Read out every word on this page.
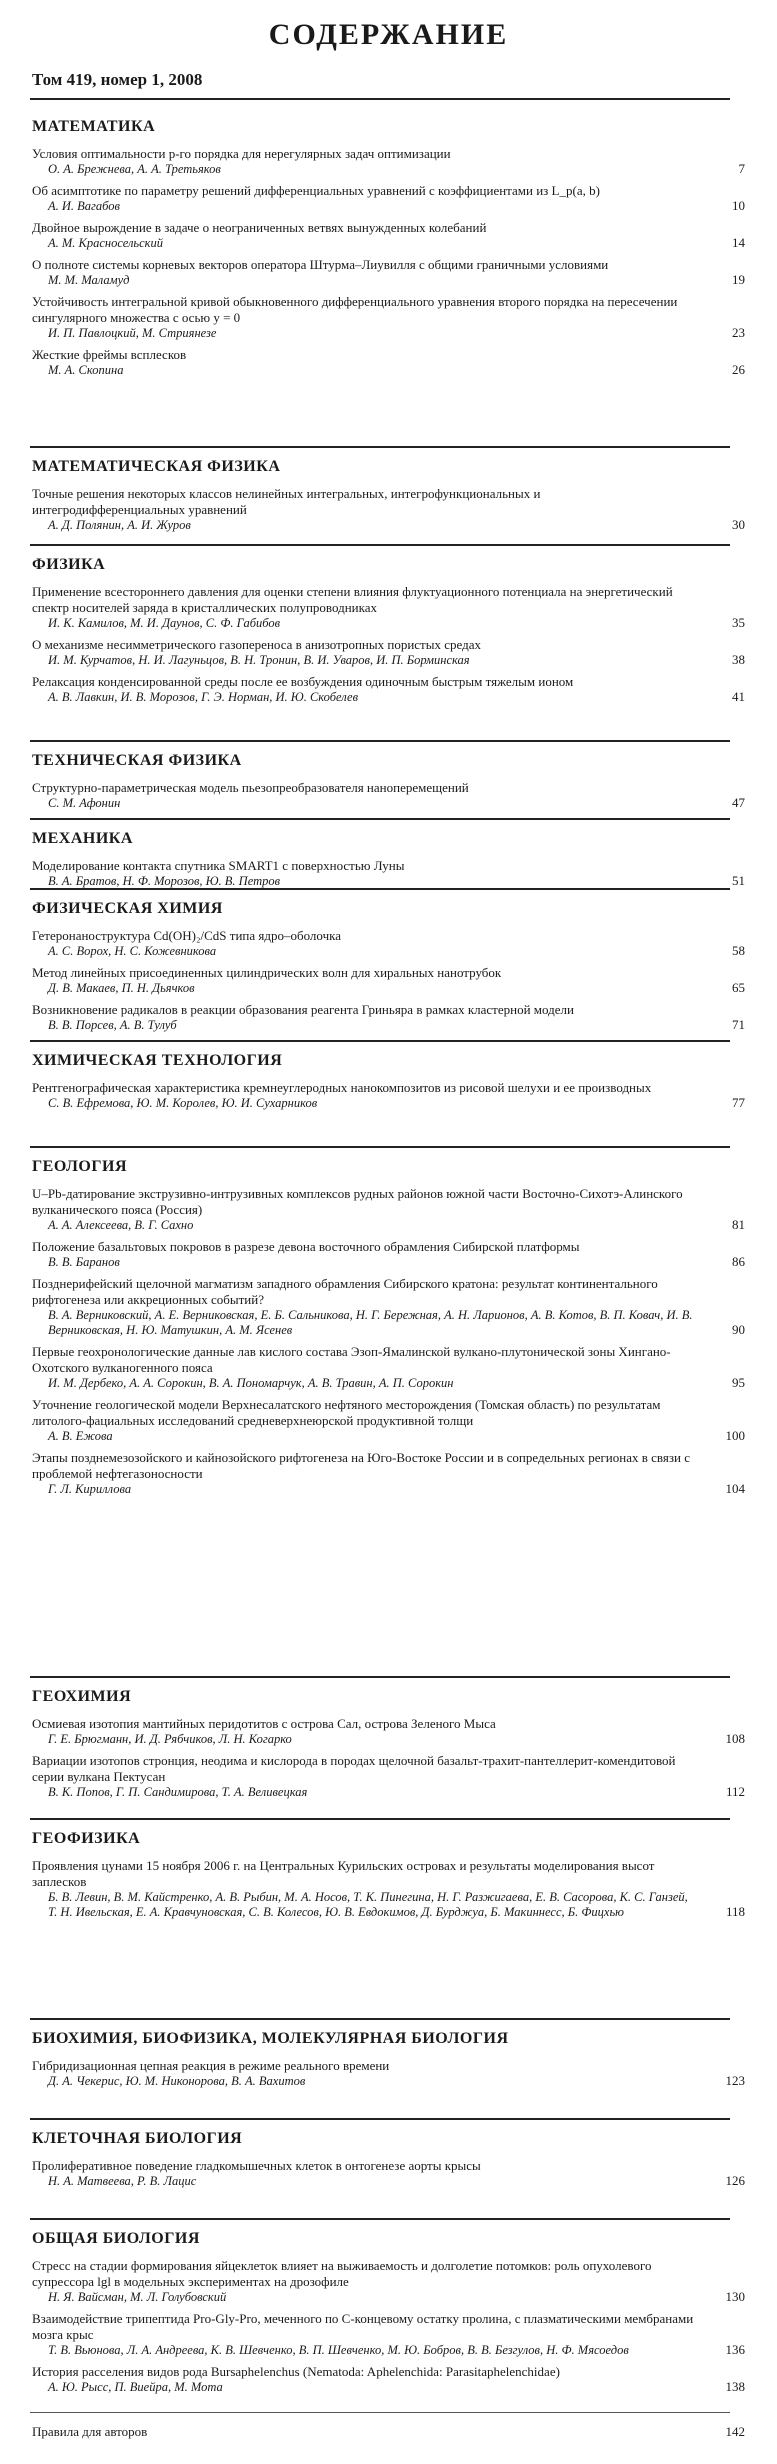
СОДЕРЖАНИЕ
Том 419, номер 1, 2008
МАТЕМАТИКА
Условия оптимальности p-го порядка для нерегулярных задач оптимизации
О. А. Брежнева, А. А. Третьяков	7
Об асимптотике по параметру решений дифференциальных уравнений с коэффициентами из L_p(a, b)
А. И. Вагабов	10
Двойное вырождение в задаче о неограниченных ветвях вынужденных колебаний
А. М. Красносельский	14
О полноте системы корневых векторов оператора Штурма–Лиувилля с общими граничными условиями
М. М. Маламуд	19
Устойчивость интегральной кривой обыкновенного дифференциального уравнения второго порядка на пересечении сингулярного множества с осью y = 0
И. П. Павлоцкий, М. Стриянезе	23
Жесткие фреймы всплесков
М. А. Скопина	26
МАТЕМАТИЧЕСКАЯ ФИЗИКА
Точные решения некоторых классов нелинейных интегральных, интегрофункциональных и интегродифференциальных уравнений
А. Д. Полянин, А. И. Журов	30
ФИЗИКА
Применение всестороннего давления для оценки степени влияния флуктуационного потенциала на энергетический спектр носителей заряда в кристаллических полупроводниках
И. К. Камилов, М. И. Даунов, С. Ф. Габибов	35
О механизме несимметрического газопереноса в анизотропных пористых средах
И. М. Курчатов, Н. И. Лагуньцов, В. Н. Тронин, В. И. Уваров, И. П. Борминская	38
Релаксация конденсированной среды после ее возбуждения одиночным быстрым тяжелым ионом
А. В. Лавкин, И. В. Морозов, Г. Э. Норман, И. Ю. Скобелев	41
ТЕХНИЧЕСКАЯ ФИЗИКА
Структурно-параметрическая модель пьезопреобразователя наноперемещений
С. М. Афонин	47
МЕХАНИКА
Моделирование контакта спутника SMART1 с поверхностью Луны
В. А. Братов, Н. Ф. Морозов, Ю. В. Петров	51
ФИЗИЧЕСКАЯ ХИМИЯ
Гетеронаноструктура Cd(OH)₂/CdS типа ядро–оболочка
А. С. Ворох, Н. С. Кожевникова	58
Метод линейных присоединенных цилиндрических волн для хиральных нанотрубок
Д. В. Макаев, П. Н. Дьячков	65
Возникновение радикалов в реакции образования реагента Гриньяра в рамках кластерной модели
В. В. Порсев, А. В. Тулуб	71
ХИМИЧЕСКАЯ ТЕХНОЛОГИЯ
Рентгенографическая характеристика кремнеуглеродных нанокомпозитов из рисовой шелухи и ее производных
С. В. Ефремова, Ю. М. Королев, Ю. И. Сухарников	77
ГЕОЛОГИЯ
U–Pb-датирование экструзивно-интрузивных комплексов рудных районов южной части Восточно-Сихотэ-Алинского вулканического пояса (Россия)
А. А. Алексеева, В. Г. Сахно	81
Положение базальтовых покровов в разрезе девона восточного обрамления Сибирской платформы
В. В. Баранов	86
Позднерифейский щелочной магматизм западного обрамления Сибирского кратона: результат континентального рифтогенеза или аккреционных событий?
В. А. Верниковский, А. Е. Верниковская, Е. Б. Сальникова, Н. Г. Бережная, А. Н. Ларионов, А. В. Котов, В. П. Ковач, И. В. Верниковская, Н. Ю. Матушкин, А. М. Ясенев	90
Первые геохронологические данные лав кислого состава Эзоп-Ямалинской вулкано-плутонической зоны Хингано-Охотского вулканогенного пояса
И. М. Дербеко, А. А. Сорокин, В. А. Пономарчук, А. В. Травин, А. П. Сорокин	95
Уточнение геологической модели Верхнесалатского нефтяного месторождения (Томская область) по результатам литолого-фациальных исследований средневерхнеюрской продуктивной толщи
А. В. Ежова	100
Этапы позднемезозойского и кайнозойского рифтогенеза на Юго-Востоке России и в сопредельных регионах в связи с проблемой нефтегазоносности
Г. Л. Кириллова	104
ГЕОХИМИЯ
Осмиевая изотопия мантийных перидотитов с острова Сал, острова Зеленого Мыса
Г. Е. Брюгманн, И. Д. Рябчиков, Л. Н. Когарко	108
Вариации изотопов стронция, неодима и кислорода в породах щелочной базальт-трахит-пантеллерит-комендитовой серии вулкана Пектусан
В. К. Попов, Г. П. Сандимирова, Т. А. Веливецкая	112
ГЕОФИЗИКА
Проявления цунами 15 ноября 2006 г. на Центральных Курильских островах и результаты моделирования высот заплесков
Б. В. Левин, В. М. Кайстренко, А. В. Рыбин, М. А. Носов, Т. К. Пинегина, Н. Г. Разжигаева, Е. В. Сасорова, К. С. Ганзей, Т. Н. Ивельская, Е. А. Кравчуновская, С. В. Колесов, Ю. В. Евдокимов, Д. Бурджуа, Б. Макиннесс, Б. Фицхью	118
БИОХИМИЯ, БИОФИЗИКА, МОЛЕКУЛЯРНАЯ БИОЛОГИЯ
Гибридизационная цепная реакция в режиме реального времени
Д. А. Чекерис, Ю. М. Никонорова, В. А. Вахитов	123
КЛЕТОЧНАЯ БИОЛОГИЯ
Пролиферативное поведение гладкомышечных клеток в онтогенезе аорты крысы
Н. А. Матвеева, Р. В. Лацис	126
ОБЩАЯ БИОЛОГИЯ
Стресс на стадии формирования яйцеклеток влияет на выживаемость и долголетие потомков: роль опухолевого супрессора lgl в модельных экспериментах на дрозофиле
Н. Я. Вайсман, М. Л. Голубовский	130
Взаимодействие трипептида Pro-Gly-Pro, меченного по С-концевому остатку пролина, с плазматическими мембранами мозга крыс
Т. В. Вьюнова, Л. А. Андреева, К. В. Шевченко, В. П. Шевченко, М. Ю. Бобров, В. В. Безгулов, Н. Ф. Мясоедов	136
История расселения видов рода Bursaphelenchus (Nematoda: Aphelenchida: Parasitaphelenchidae)
А. Ю. Рысс, П. Виейра, М. Мота	138
Правила для авторов	142
